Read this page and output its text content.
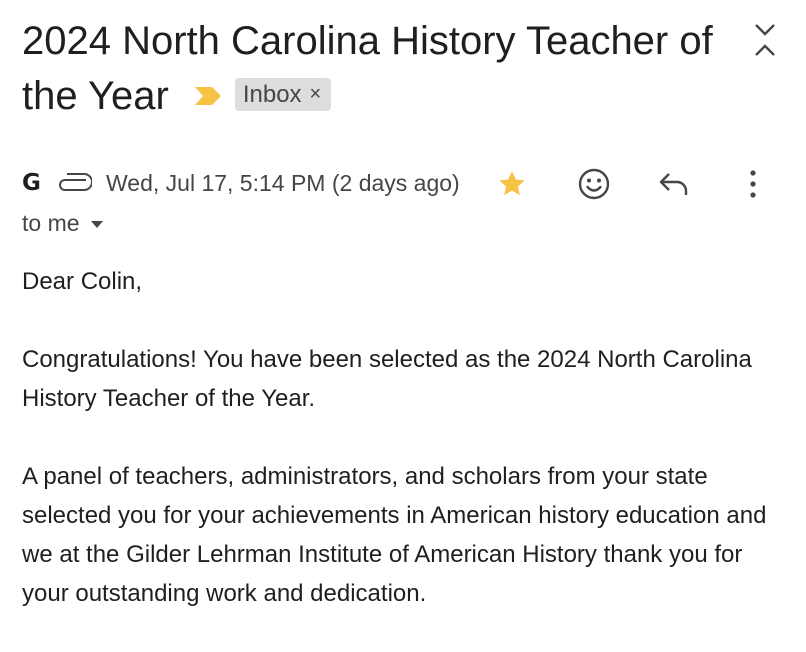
2024 North Carolina History Teacher of the Year	Inbox ×
G	Wed, Jul 17, 5:14 PM (2 days ago)
to me

Dear Colin,

Congratulations! You have been selected as the 2024 North Carolina History Teacher of the Year.

A panel of teachers, administrators, and scholars from your state selected you for your achievements in American history education and we at the Gilder Lehrman Institute of American History thank you for your outstanding work and dedication.
